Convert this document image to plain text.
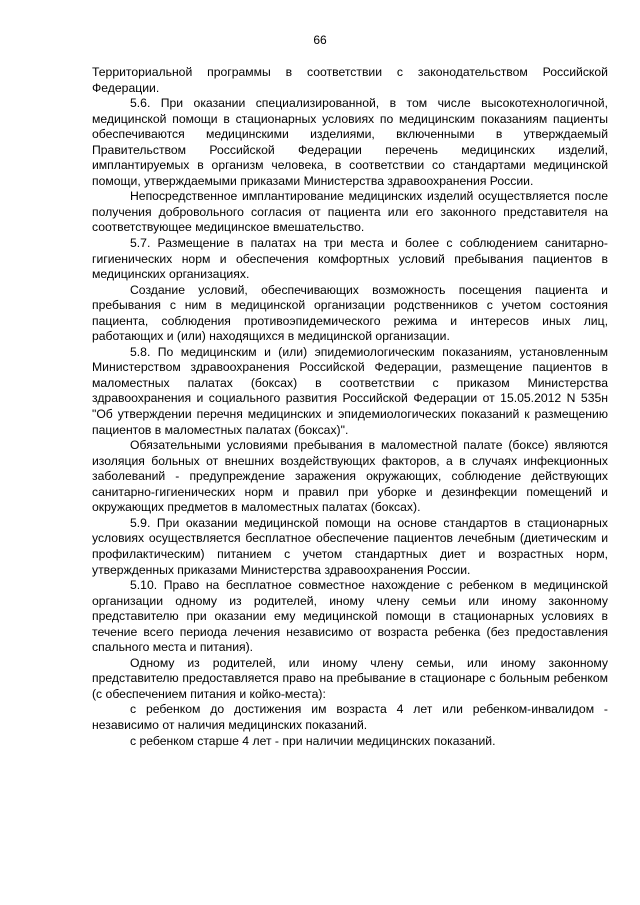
66

Территориальной программы в соответствии с законодательством Российской Федерации.

5.6. При оказании специализированной, в том числе высокотехнологичной, медицинской помощи в стационарных условиях по медицинским показаниям пациенты обеспечиваются медицинскими изделиями, включенными в утверждаемый Правительством Российской Федерации перечень медицинских изделий, имплантируемых в организм человека, в соответствии со стандартами медицинской помощи, утверждаемыми приказами Министерства здравоохранения России.

Непосредственное имплантирование медицинских изделий осуществляется после получения добровольного согласия от пациента или его законного представителя на соответствующее медицинское вмешательство.

5.7. Размещение в палатах на три места и более с соблюдением санитарно-гигиенических норм и обеспечения комфортных условий пребывания пациентов в медицинских организациях.

Создание условий, обеспечивающих возможность посещения пациента и пребывания с ним в медицинской организации родственников с учетом состояния пациента, соблюдения противоэпидемического режима и интересов иных лиц, работающих и (или) находящихся в медицинской организации.

5.8. По медицинским и (или) эпидемиологическим показаниям, установленным Министерством здравоохранения Российской Федерации, размещение пациентов в маломестных палатах (боксах) в соответствии с приказом Министерства здравоохранения и социального развития Российской Федерации от 15.05.2012 N 535н "Об утверждении перечня медицинских и эпидемиологических показаний к размещению пациентов в маломестных палатах (боксах)".

Обязательными условиями пребывания в маломестной палате (боксе) являются изоляция больных от внешних воздействующих факторов, а в случаях инфекционных заболеваний - предупреждение заражения окружающих, соблюдение действующих санитарно-гигиенических норм и правил при уборке и дезинфекции помещений и окружающих предметов в маломестных палатах (боксах).

5.9. При оказании медицинской помощи на основе стандартов в стационарных условиях осуществляется бесплатное обеспечение пациентов лечебным (диетическим и профилактическим) питанием с учетом стандартных диет и возрастных норм, утвержденных приказами Министерства здравоохранения России.

5.10. Право на бесплатное совместное нахождение с ребенком в медицинской организации одному из родителей, иному члену семьи или иному законному представителю при оказании ему медицинской помощи в стационарных условиях в течение всего периода лечения независимо от возраста ребенка (без предоставления спального места и питания).

Одному из родителей, или иному члену семьи, или иному законному представителю предоставляется право на пребывание в стационаре с больным ребенком (с обеспечением питания и койко-места):

с ребенком до достижения им возраста 4 лет или ребенком-инвалидом - независимо от наличия медицинских показаний.

с ребенком старше 4 лет - при наличии медицинских показаний.
